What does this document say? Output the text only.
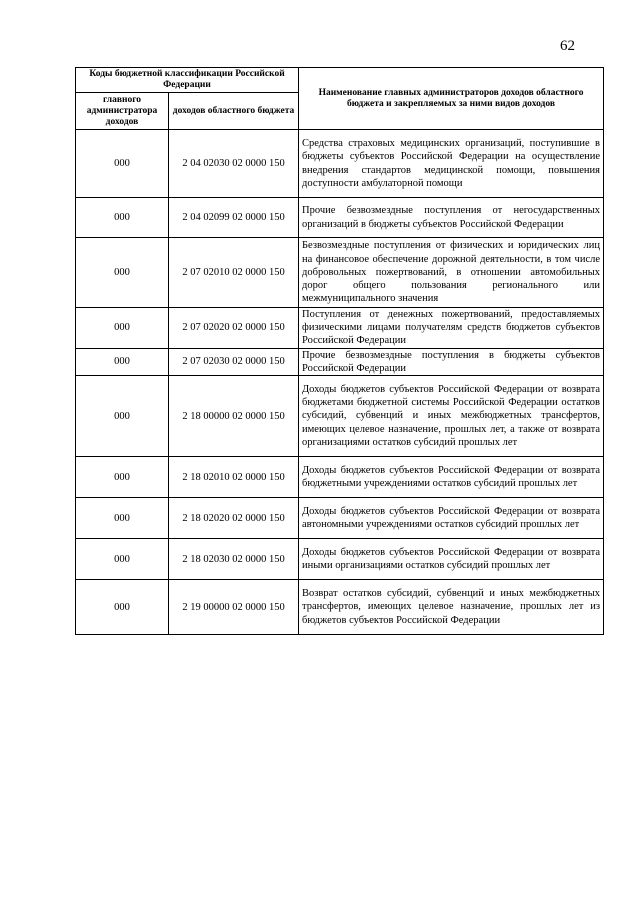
62
Коды бюджетной классификации Российской Федерации		Наименование главных администраторов доходов областного бюджета и закрепляемых за ними видов доходов
главного администратора доходов	доходов областного бюджета	
000	2 04 02030 02 0000 150	Средства страховых медицинских организаций, поступившие в бюджеты субъектов Российской Федерации на осуществление внедрения стандартов медицинской помощи, повышения доступности амбулаторной помощи
000	2 04 02099 02 0000 150	Прочие безвозмездные поступления от негосударственных организаций в бюджеты субъектов Российской Федерации
000	2 07 02010 02 0000 150	Безвозмездные поступления от физических и юридических лиц на финансовое обеспечение дорожной деятельности, в том числе добровольных пожертвований, в отношении автомобильных дорог общего пользования регионального или межмуниципального значения
000	2 07 02020 02 0000 150	Поступления от денежных пожертвований, предоставляемых физическими лицами получателям средств бюджетов субъектов Российской Федерации
000	2 07 02030 02 0000 150	Прочие безвозмездные поступления в бюджеты субъектов Российской Федерации
000	2 18 00000 02 0000 150	Доходы бюджетов субъектов Российской Федерации от возврата бюджетами бюджетной системы Российской Федерации остатков субсидий, субвенций и иных межбюджетных трансфертов, имеющих целевое назначение, прошлых лет, а также от возврата организациями остатков субсидий прошлых лет
000	2 18 02010 02 0000 150	Доходы бюджетов субъектов Российской Федерации от возврата бюджетными учреждениями остатков субсидий прошлых лет
000	2 18 02020 02 0000 150	Доходы бюджетов субъектов Российской Федерации от возврата автономными учреждениями остатков субсидий прошлых лет
000	2 18 02030 02 0000 150	Доходы бюджетов субъектов Российской Федерации от возврата иными организациями остатков субсидий прошлых лет
000	2 19 00000 02 0000 150	Возврат остатков субсидий, субвенций и иных межбюджетных трансфертов, имеющих целевое назначение, прошлых лет из бюджетов субъектов Российской Федерации
